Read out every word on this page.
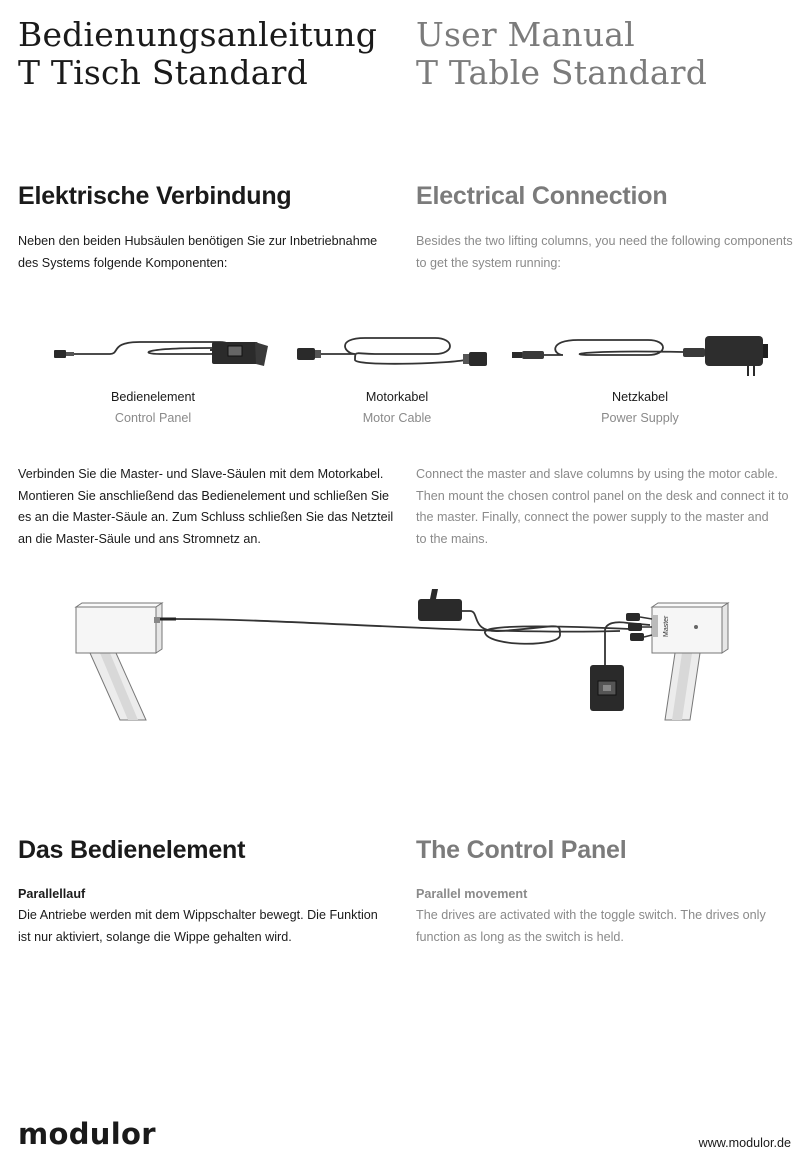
Bedienungsanleitung
T Tisch Standard
User Manual
T Table Standard
Elektrische Verbindung	Electrical Connection
Neben den beiden Hubsäulen benötigen Sie zur Inbetriebnahme
des Systems folgende Komponenten:
Besides the two lifting columns, you need the following components
to get the system running:
Bedienelement
Control Panel
Motorkabel
Motor Cable
Netzkabel
Power Supply
Verbinden Sie die Master- und Slave-Säulen mit dem Motorkabel.
Montieren Sie anschließend das Bedienelement und schließen Sie
es an die Master-Säule an. Zum Schluss schließen Sie das Netzteil
an die Master-Säule und ans Stromnetz an.
Connect the master and slave columns by using the motor cable.
Then mount the chosen control panel on the desk and connect it to
the master. Finally, connect the power supply to the master and
to the mains.
Master
Das Bedienelement	The Control Panel
Parallellauf	Parallel movement
Die Antriebe werden mit dem Wippschalter bewegt. Die Funktion
ist nur aktiviert, solange die Wippe gehalten wird.
The drives are activated with the toggle switch. The drives only
function as long as the switch is held.
modulor	www.modulor.de
